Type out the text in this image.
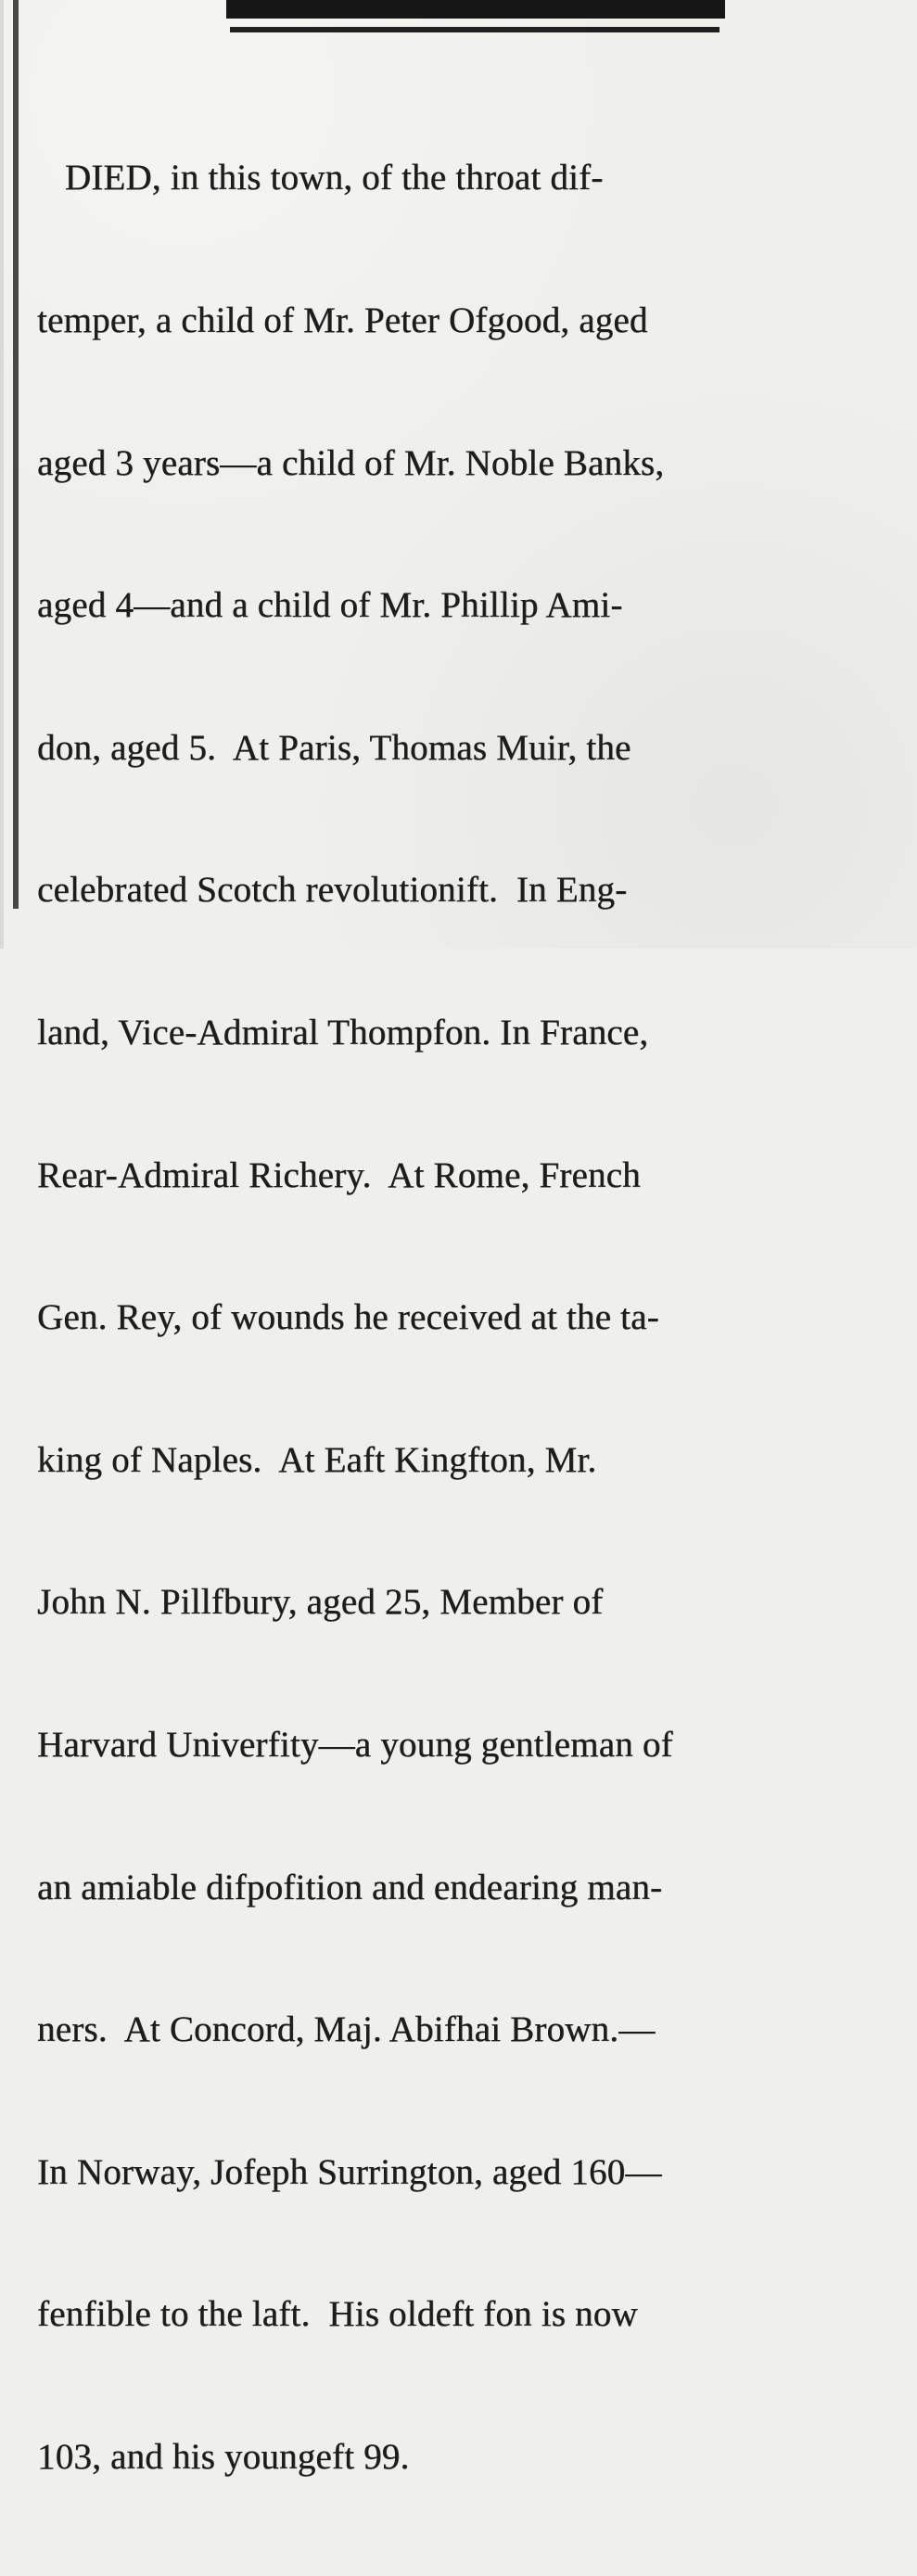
DIED, in this town, of the throat dif-

temper, a child of Mr. Peter Ofgood, aged

aged 3 years—a child of Mr. Noble Banks,

aged 4—and a child of Mr. Phillip Ami-

don, aged 5.  At Paris, Thomas Muir, the

celebrated Scotch revolutionift.  In Eng-

land, Vice-Admiral Thompfon. In France,

Rear-Admiral Richery.  At Rome, French

Gen. Rey, of wounds he received at the ta-

king of Naples.  At Eaft Kingfton, Mr.

John N. Pillfbury, aged 25, Member of

Harvard Univerfity—a young gentleman of

an amiable difpofition and endearing man-

ners.  At Concord, Maj. Abifhai Brown.—

In Norway, Jofeph Surrington, aged 160—

fenfible to the laft.  His oldeft fon is now

103, and his youngeft 99.
